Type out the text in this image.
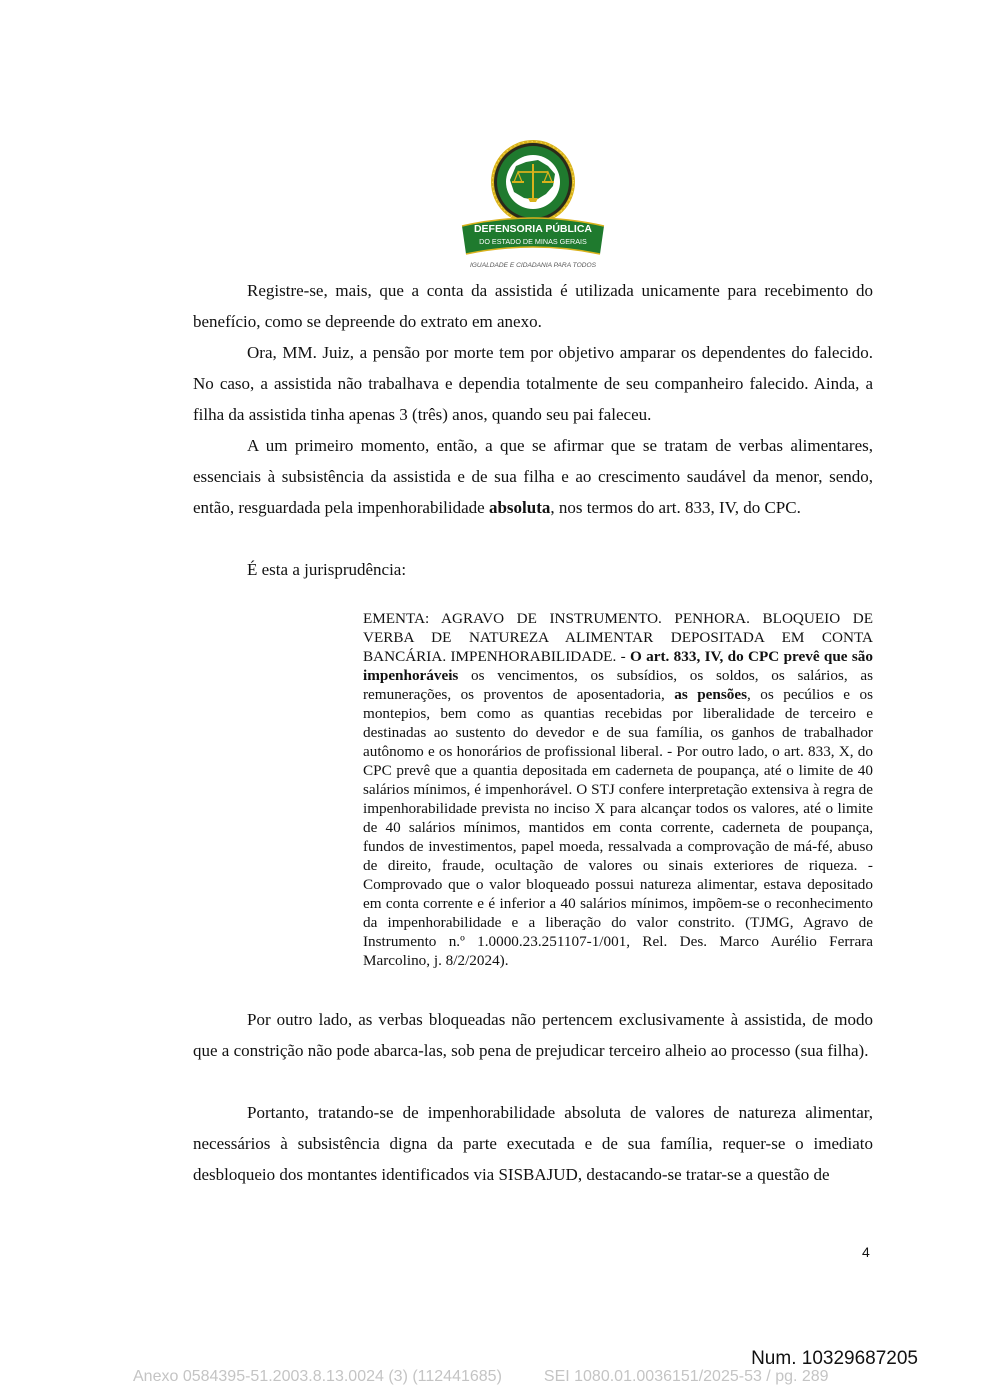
DEFENSORIA PÚBLICA
DO ESTADO DE MINAS GERAIS
IGUALDADE E CIDADANIA PARA TODOS

Registre-se, mais, que a conta da assistida é utilizada unicamente para recebimento do benefício, como se depreende do extrato em anexo.

Ora, MM. Juiz, a pensão por morte tem por objetivo amparar os dependentes do falecido. No caso, a assistida não trabalhava e dependia totalmente de seu companheiro falecido. Ainda, a filha da assistida tinha apenas 3 (três) anos, quando seu pai faleceu.

A um primeiro momento, então, a que se afirmar que se tratam de verbas alimentares, essenciais à subsistência da assistida e de sua filha e ao crescimento saudável da menor, sendo, então, resguardada pela impenhorabilidade absoluta, nos termos do art. 833, IV, do CPC.

É esta a jurisprudência:

EMENTA: AGRAVO DE INSTRUMENTO. PENHORA. BLOQUEIO DE VERBA DE NATUREZA ALIMENTAR DEPOSITADA EM CONTA BANCÁRIA. IMPENHORABILIDADE. - O art. 833, IV, do CPC prevê que são impenhoráveis os vencimentos, os subsídios, os soldos, os salários, as remunerações, os proventos de aposentadoria, as pensões, os pecúlios e os montepios, bem como as quantias recebidas por liberalidade de terceiro e destinadas ao sustento do devedor e de sua família, os ganhos de trabalhador autônomo e os honorários de profissional liberal. - Por outro lado, o art. 833, X, do CPC prevê que a quantia depositada em caderneta de poupança, até o limite de 40 salários mínimos, é impenhorável. O STJ confere interpretação extensiva à regra de impenhorabilidade prevista no inciso X para alcançar todos os valores, até o limite de 40 salários mínimos, mantidos em conta corrente, caderneta de poupança, fundos de investimentos, papel moeda, ressalvada a comprovação de má-fé, abuso de direito, fraude, ocultação de valores ou sinais exteriores de riqueza. - Comprovado que o valor bloqueado possui natureza alimentar, estava depositado em conta corrente e é inferior a 40 salários mínimos, impõem-se o reconhecimento da impenhorabilidade e a liberação do valor constrito. (TJMG, Agravo de Instrumento n.º 1.0000.23.251107-1/001, Rel. Des. Marco Aurélio Ferrara Marcolino, j. 8/2/2024).

Por outro lado, as verbas bloqueadas não pertencem exclusivamente à assistida, de modo que a constrição não pode abarca-las, sob pena de prejudicar terceiro alheio ao processo (sua filha).

Portanto, tratando-se de impenhorabilidade absoluta de valores de natureza alimentar, necessários à subsistência digna da parte executada e de sua família, requer-se o imediato desbloqueio dos montantes identificados via SISBAJUD, destacando-se tratar-se a questão de

4
Num. 10329687205
Anexo 0584395-51.2003.8.13.0024 (3) (112441685)	SEI 1080.01.0036151/2025-53 / pg. 289
